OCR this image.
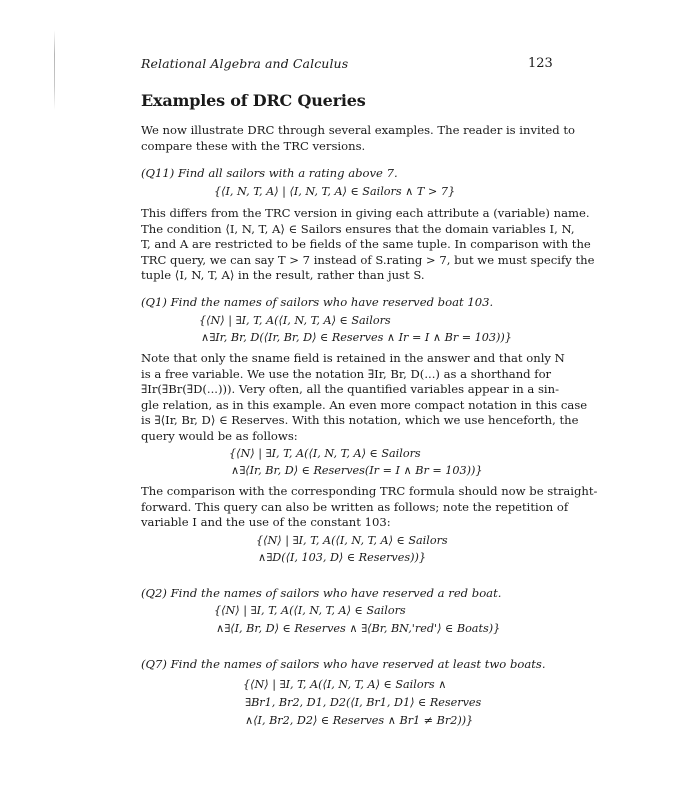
Relational Algebra and Calculus	123
Examples of DRC Queries

We now illustrate DRC through several examples. The reader is invited to
compare these with the TRC versions.

(Q11) Find all sailors with a rating above 7.

{⟨I, N, T, A⟩ | ⟨I, N, T, A⟩ ∈ Sailors ∧ T > 7}

This differs from the TRC version in giving each attribute a (variable) name.
The condition ⟨I, N, T, A⟩ ∈ Sailors ensures that the domain variables I, N,
T, and A are restricted to be fields of the same tuple. In comparison with the
TRC query, we can say T > 7 instead of S.rating > 7, but we must specify the
tuple ⟨I, N, T, A⟩ in the result, rather than just S.

(Q1) Find the names of sailors who have reserved boat 103.

{⟨N⟩ | ∃I, T, A(⟨I, N, T, A⟩ ∈ Sailors

∧∃Ir, Br, D(⟨Ir, Br, D⟩ ∈ Reserves ∧ Ir = I ∧ Br = 103))}

Note that only the sname field is retained in the answer and that only N
is a free variable. We use the notation ∃Ir, Br, D(...) as a shorthand for
∃Ir(∃Br(∃D(...))). Very often, all the quantified variables appear in a sin-
gle relation, as in this example. An even more compact notation in this case
is ∃⟨Ir, Br, D⟩ ∈ Reserves. With this notation, which we use henceforth, the
query would be as follows:

{⟨N⟩ | ∃I, T, A(⟨I, N, T, A⟩ ∈ Sailors

∧∃⟨Ir, Br, D⟩ ∈ Reserves(Ir = I ∧ Br = 103))}

The comparison with the corresponding TRC formula should now be straight-
forward. This query can also be written as follows; note the repetition of
variable I and the use of the constant 103:

{⟨N⟩ | ∃I, T, A(⟨I, N, T, A⟩ ∈ Sailors

∧∃D(⟨I, 103, D⟩ ∈ Reserves))}

(Q2) Find the names of sailors who have reserved a red boat.

{⟨N⟩ | ∃I, T, A(⟨I, N, T, A⟩ ∈ Sailors

∧∃⟨I, Br, D⟩ ∈ Reserves ∧ ∃⟨Br, BN,'red'⟩ ∈ Boats)}

(Q7) Find the names of sailors who have reserved at least two boats.

{⟨N⟩ | ∃I, T, A(⟨I, N, T, A⟩ ∈ Sailors ∧

∃Br1, Br2, D1, D2(⟨I, Br1, D1⟩ ∈ Reserves

∧⟨I, Br2, D2⟩ ∈ Reserves ∧ Br1 ≠ Br2))}
